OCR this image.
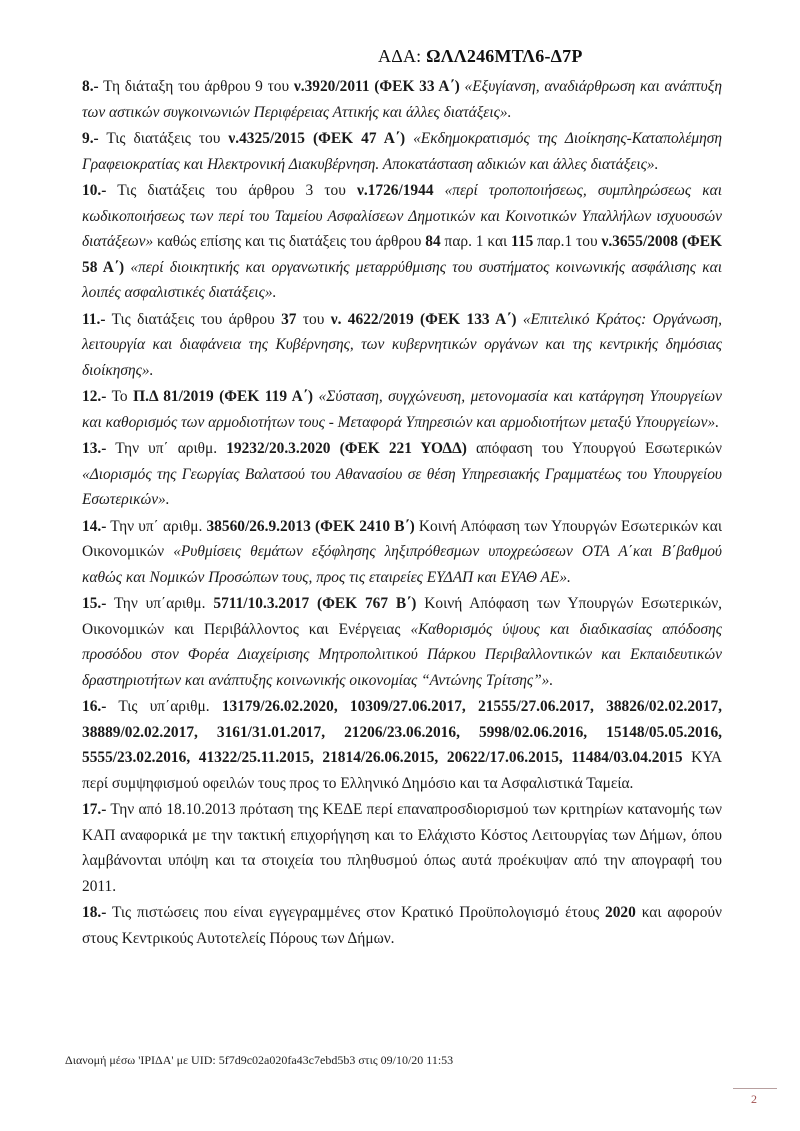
ΑΔΑ: ΩΛΛ246ΜΤΛ6-Δ7Ρ

8.- Τη διάταξη του άρθρου 9 του ν.3920/2011 (ΦΕΚ 33 Α΄) «Εξυγίανση, αναδιάρθρωση και ανάπτυξη των αστικών συγκοινωνιών Περιφέρειας Αττικής και άλλες διατάξεις».

9.- Τις διατάξεις του ν.4325/2015 (ΦΕΚ 47 Α΄) «Εκδημοκρατισμός της Διοίκησης-Καταπολέμηση Γραφειοκρατίας και Ηλεκτρονική Διακυβέρνηση. Αποκατάσταση αδικιών και άλλες διατάξεις».

10.- Τις διατάξεις του άρθρου 3 του ν.1726/1944 «περί τροποποιήσεως, συμπληρώσεως και κωδικοποιήσεως των περί του Ταμείου Ασφαλίσεων Δημοτικών και Κοινοτικών Υπαλλήλων ισχυουσών διατάξεων» καθώς επίσης και τις διατάξεις του άρθρου 84 παρ. 1 και 115 παρ.1 του ν.3655/2008 (ΦΕΚ 58 Α΄) «περί διοικητικής και οργανωτικής μεταρρύθμισης του συστήματος κοινωνικής ασφάλισης και λοιπές ασφαλιστικές διατάξεις».

11.- Τις διατάξεις του άρθρου 37 του ν. 4622/2019 (ΦΕΚ 133 Α΄) «Επιτελικό Κράτος: Οργάνωση, λειτουργία και διαφάνεια της Κυβέρνησης, των κυβερνητικών οργάνων και της κεντρικής δημόσιας διοίκησης».

12.- Το Π.Δ 81/2019 (ΦΕΚ 119 Α΄) «Σύσταση, συγχώνευση, μετονομασία και κατάργηση Υπουργείων και καθορισμός των αρμοδιοτήτων τους - Μεταφορά Υπηρεσιών και αρμοδιοτήτων μεταξύ Υπουργείων».

13.- Την υπ΄ αριθμ. 19232/20.3.2020 (ΦΕΚ 221 ΥΟΔΔ) απόφαση του Υπουργού Εσωτερικών «Διορισμός της Γεωργίας Βαλατσού του Αθανασίου σε θέση Υπηρεσιακής Γραμματέως του Υπουργείου Εσωτερικών».

14.- Την υπ΄ αριθμ. 38560/26.9.2013 (ΦΕΚ 2410 Β΄) Κοινή Απόφαση των Υπουργών Εσωτερικών και Οικονομικών «Ρυθμίσεις θεμάτων εξόφλησης ληξιπρόθεσμων υποχρεώσεων ΟΤΑ Α΄και Β΄βαθμού καθώς και Νομικών Προσώπων τους, προς τις εταιρείες ΕΥΔΑΠ και ΕΥΑΘ ΑΕ».

15.- Την υπ΄αριθμ. 5711/10.3.2017 (ΦΕΚ 767 Β΄) Κοινή Απόφαση των Υπουργών Εσωτερικών, Οικονομικών και Περιβάλλοντος και Ενέργειας «Καθορισμός ύψους και διαδικασίας απόδοσης προσόδου στον Φορέα Διαχείρισης Μητροπολιτικού Πάρκου Περιβαλλοντικών και Εκπαιδευτικών δραστηριοτήτων και ανάπτυξης κοινωνικής οικονομίας “Αντώνης Τρίτσης”».

16.- Τις υπ΄αριθμ. 13179/26.02.2020, 10309/27.06.2017, 21555/27.06.2017, 38826/02.02.2017, 38889/02.02.2017, 3161/31.01.2017, 21206/23.06.2016, 5998/02.06.2016, 15148/05.05.2016, 5555/23.02.2016, 41322/25.11.2015, 21814/26.06.2015, 20622/17.06.2015, 11484/03.04.2015 ΚΥΑ περί συμψηφισμού οφειλών τους προς το Ελληνικό Δημόσιο και τα Ασφαλιστικά Ταμεία.

17.- Την από 18.10.2013 πρόταση της ΚΕΔΕ περί επαναπροσδιορισμού των κριτηρίων κατανομής των ΚΑΠ αναφορικά με την τακτική επιχορήγηση και το Ελάχιστο Κόστος Λειτουργίας των Δήμων, όπου λαμβάνονται υπόψη και τα στοιχεία του πληθυσμού όπως αυτά προέκυψαν από την απογραφή του 2011.

18.- Τις πιστώσεις που είναι εγγεγραμμένες στον Κρατικό Προϋπολογισμό έτους 2020 και αφορούν στους Κεντρικούς Αυτοτελείς Πόρους των Δήμων.

Διανομή μέσω 'ΙΡΙΔΑ' με UID: 5f7d9c02a020fa43c7ebd5b3 στις 09/10/20 11:53
2
